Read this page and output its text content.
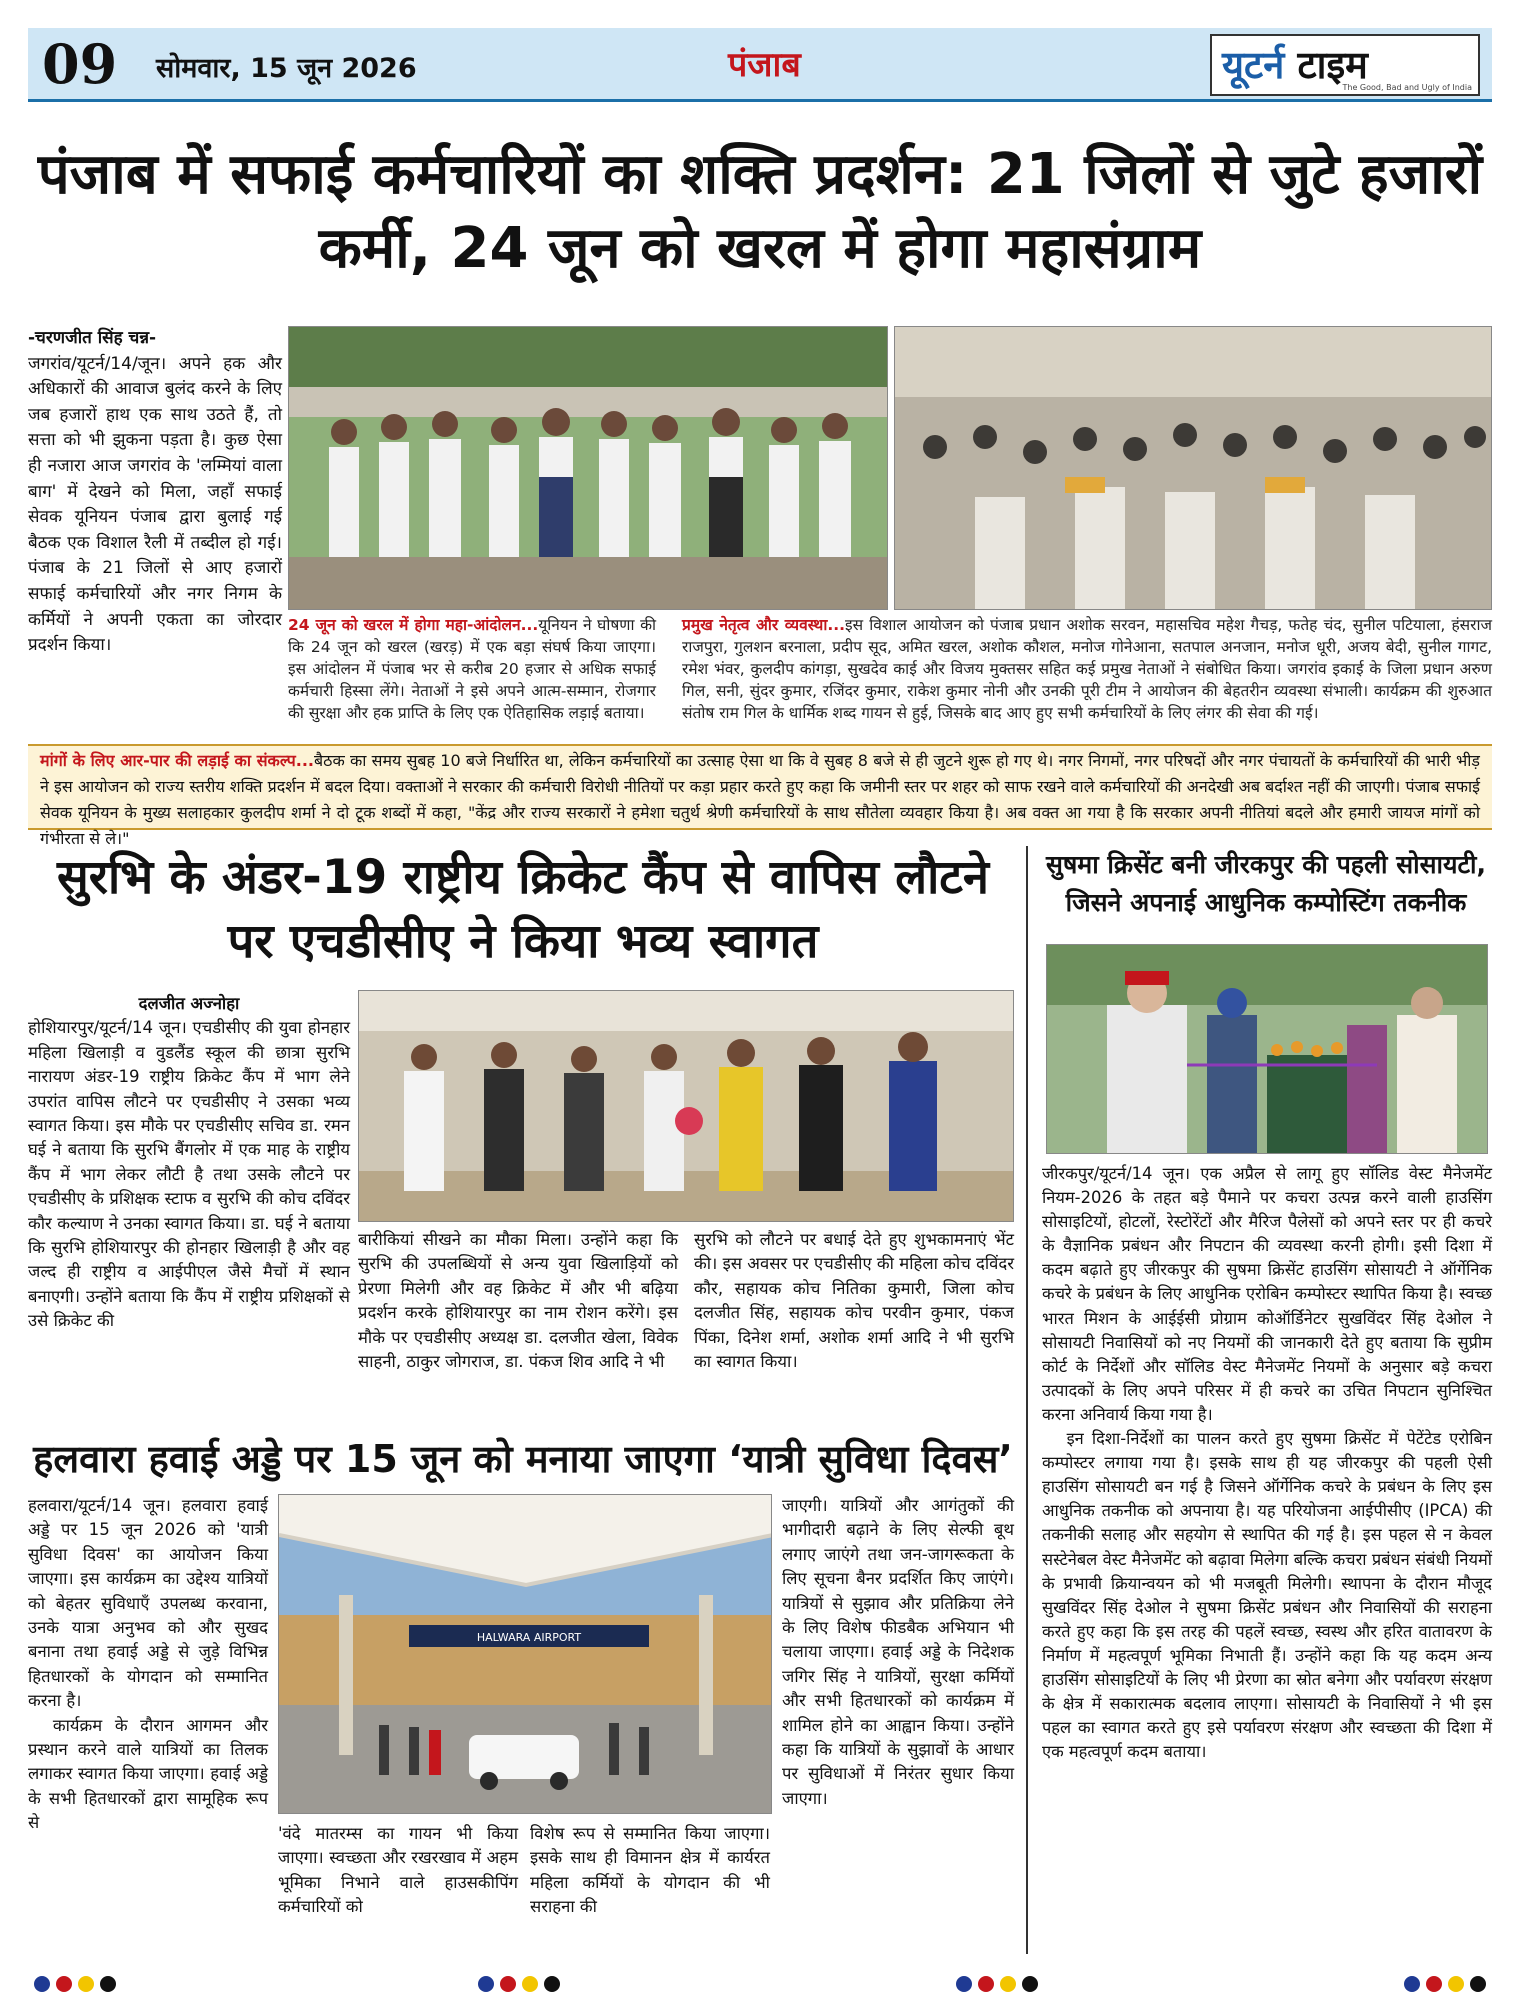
09 सोमवार, 15 जून 2026	पंजाब	यूटर्न टाइम
The Good, Bad and Ugly of India
पंजाब में सफाई कर्मचारियों का शक्ति प्रदर्शन: 21 जिलों से जुटे हजारों कर्मी, 24 जून को खरल में होगा महासंग्राम
-चरणजीत सिंह चन्न-
जगरांव/यूटर्न/14/जून। अपने हक और अधिकारों की आवाज बुलंद करने के लिए जब हजारों हाथ एक साथ उठते हैं, तो सत्ता को भी झुकना पड़ता है। कुछ ऐसा ही नजारा आज जगरांव के 'लम्मियां वाला बाग' में देखने को मिला, जहाँ सफाई सेवक यूनियन पंजाब द्वारा बुलाई गई बैठक एक विशाल रैली में तब्दील हो गई। पंजाब के 21 जिलों से आए हजारों सफाई कर्मचारियों और नगर निगम के कर्मियों ने अपनी एकता का जोरदार प्रदर्शन किया।
24 जून को खरल में होगा महा-आंदोलन...यूनियन ने घोषणा की कि 24 जून को खरल (खरड़) में एक बड़ा संघर्ष किया जाएगा। इस आंदोलन में पंजाब भर से करीब 20 हजार से अधिक सफाई कर्मचारी हिस्सा लेंगे। नेताओं ने इसे अपने आत्म-सम्मान, रोजगार की सुरक्षा और हक प्राप्ति के लिए एक ऐतिहासिक लड़ाई बताया।
प्रमुख नेतृत्व और व्यवस्था...इस विशाल आयोजन को पंजाब प्रधान अशोक सरवन, महासचिव महेश गैचड़, फतेह चंद, सुनील पटियाला, हंसराज राजपुरा, गुलशन बरनाला, प्रदीप सूद, अमित खरल, अशोक कौशल, मनोज गोनेआना, सतपाल अनजान, मनोज धूरी, अजय बेदी, सुनील गागट, रमेश भंवर, कुलदीप कांगड़ा, सुखदेव काई और विजय मुक्तसर सहित कई प्रमुख नेताओं ने संबोधित किया। जगरांव इकाई के जिला प्रधान अरुण गिल, सनी, सुंदर कुमार, रजिंदर कुमार, राकेश कुमार नोनी और उनकी पूरी टीम ने आयोजन की बेहतरीन व्यवस्था संभाली। कार्यक्रम की शुरुआत संतोष राम गिल के धार्मिक शब्द गायन से हुई, जिसके बाद आए हुए सभी कर्मचारियों के लिए लंगर की सेवा की गई।
मांगों के लिए आर-पार की लड़ाई का संकल्प...बैठक का समय सुबह 10 बजे निर्धारित था, लेकिन कर्मचारियों का उत्साह ऐसा था कि वे सुबह 8 बजे से ही जुटने शुरू हो गए थे। नगर निगमों, नगर परिषदों और नगर पंचायतों के कर्मचारियों की भारी भीड़ ने इस आयोजन को राज्य स्तरीय शक्ति प्रदर्शन में बदल दिया। वक्ताओं ने सरकार की कर्मचारी विरोधी नीतियों पर कड़ा प्रहार करते हुए कहा कि जमीनी स्तर पर शहर को साफ रखने वाले कर्मचारियों की अनदेखी अब बर्दाश्त नहीं की जाएगी। पंजाब सफाई सेवक यूनियन के मुख्य सलाहकार कुलदीप शर्मा ने दो टूक शब्दों में कहा, "केंद्र और राज्य सरकारों ने हमेशा चतुर्थ श्रेणी कर्मचारियों के साथ सौतेला व्यवहार किया है। अब वक्त आ गया है कि सरकार अपनी नीतियां बदले और हमारी जायज मांगों को गंभीरता से ले।"
सुरभि के अंडर-19 राष्ट्रीय क्रिकेट कैंप से वापिस लौटने पर एचडीसीए ने किया भव्य स्वागत
दलजीत अज्नोहा
होशियारपुर/यूटर्न/14 जून। एचडीसीए की युवा होनहार महिला खिलाड़ी व वुडलैंड स्कूल की छात्रा सुरभि नारायण अंडर-19 राष्ट्रीय क्रिकेट कैंप में भाग लेने उपरांत वापिस लौटने पर एचडीसीए ने उसका भव्य स्वागत किया। इस मौके पर एचडीसीए सचिव डा. रमन घई ने बताया कि सुरभि बैंगलोर में एक माह के राष्ट्रीय कैंप में भाग लेकर लौटी है तथा उसके लौटने पर एचडीसीए के प्रशिक्षक स्टाफ व सुरभि की कोच दविंदर कौर कल्याण ने उनका स्वागत किया। डा. घई ने बताया कि सुरभि होशियारपुर की होनहार खिलाड़ी है और वह जल्द ही राष्ट्रीय व आईपीएल जैसे मैचों में स्थान बनाएगी। उन्होंने बताया कि कैंप में राष्ट्रीय प्रशिक्षकों से उसे क्रिकेट की
बारीकियां सीखने का मौका मिला। उन्होंने कहा कि सुरभि की उपलब्धियों से अन्य युवा खिलाड़ियों को प्रेरणा मिलेगी और वह क्रिकेट में और भी बढ़िया प्रदर्शन करके होशियारपुर का नाम रोशन करेंगे। इस मौके पर एचडीसीए अध्यक्ष डा. दलजीत खेला, विवेक साहनी, ठाकुर जोगराज, डा. पंकज शिव आदि ने भी
सुरभि को लौटने पर बधाई देते हुए शुभकामनाएं भेंट की। इस अवसर पर एचडीसीए की महिला कोच दविंदर कौर, सहायक कोच नितिका कुमारी, जिला कोच दलजीत सिंह, सहायक कोच परवीन कुमार, पंकज पिंका, दिनेश शर्मा, अशोक शर्मा आदि ने भी सुरभि का स्वागत किया।
हलवारा हवाई अड्डे पर 15 जून को मनाया जाएगा ‘यात्री सुविधा दिवस’
हलवारा/यूटर्न/14 जून। हलवारा हवाई अड्डे पर 15 जून 2026 को 'यात्री सुविधा दिवस' का आयोजन किया जाएगा। इस कार्यक्रम का उद्देश्य यात्रियों को बेहतर सुविधाएँ उपलब्ध करवाना, उनके यात्रा अनुभव को और सुखद बनाना तथा हवाई अड्डे से जुड़े विभिन्न हितधारकों के योगदान को सम्मानित करना है।
कार्यक्रम के दौरान आगमन और प्रस्थान करने वाले यात्रियों का तिलक लगाकर स्वागत किया जाएगा। हवाई अड्डे के सभी हितधारकों द्वारा सामूहिक रूप से
HALWARA AIRPORT
'वंदे मातरम्स का गायन भी किया जाएगा। स्वच्छता और रखरखाव में अहम भूमिका निभाने वाले हाउसकीपिंग कर्मचारियों को
विशेष रूप से सम्मानित किया जाएगा। इसके साथ ही विमानन क्षेत्र में कार्यरत महिला कर्मियों के योगदान की भी सराहना की
जाएगी। यात्रियों और आगंतुकों की भागीदारी बढ़ाने के लिए सेल्फी बूथ लगाए जाएंगे तथा जन-जागरूकता के लिए सूचना बैनर प्रदर्शित किए जाएंगे। यात्रियों से सुझाव और प्रतिक्रिया लेने के लिए विशेष फीडबैक अभियान भी चलाया जाएगा। हवाई अड्डे के निदेशक जगिर सिंह ने यात्रियों, सुरक्षा कर्मियों और सभी हितधारकों को कार्यक्रम में शामिल होने का आह्वान किया। उन्होंने कहा कि यात्रियों के सुझावों के आधार पर सुविधाओं में निरंतर सुधार किया जाएगा।
सुषमा क्रिसेंट बनी जीरकपुर की पहली सोसायटी, जिसने अपनाई आधुनिक कम्पोस्टिंग तकनीक
जीरकपुर/यूटर्न/14 जून। एक अप्रैल से लागू हुए सॉलिड वेस्ट मैनेजमेंट नियम-2026 के तहत बड़े पैमाने पर कचरा उत्पन्न करने वाली हाउसिंग सोसाइटियों, होटलों, रेस्टोरेंटों और मैरिज पैलेसों को अपने स्तर पर ही कचरे के वैज्ञानिक प्रबंधन और निपटान की व्यवस्था करनी होगी। इसी दिशा में कदम बढ़ाते हुए जीरकपुर की सुषमा क्रिसेंट हाउसिंग सोसायटी ने ऑर्गेनिक कचरे के प्रबंधन के लिए आधुनिक एरोबिन कम्पोस्टर स्थापित किया है। स्वच्छ भारत मिशन के आईईसी प्रोग्राम कोऑर्डिनेटर सुखविंदर सिंह देओल ने सोसायटी निवासियों को नए नियमों की जानकारी देते हुए बताया कि सुप्रीम कोर्ट के निर्देशों और सॉलिड वेस्ट मैनेजमेंट नियमों के अनुसार बड़े कचरा उत्पादकों के लिए अपने परिसर में ही कचरे का उचित निपटान सुनिश्चित करना अनिवार्य किया गया है।
इन दिशा-निर्देशों का पालन करते हुए सुषमा क्रिसेंट में पेटेंटेड एरोबिन कम्पोस्टर लगाया गया है। इसके साथ ही यह जीरकपुर की पहली ऐसी हाउसिंग सोसायटी बन गई है जिसने ऑर्गेनिक कचरे के प्रबंधन के लिए इस आधुनिक तकनीक को अपनाया है। यह परियोजना आईपीसीए (IPCA) की तकनीकी सलाह और सहयोग से स्थापित की गई है। इस पहल से न केवल सस्टेनेबल वेस्ट मैनेजमेंट को बढ़ावा मिलेगा बल्कि कचरा प्रबंधन संबंधी नियमों के प्रभावी क्रियान्वयन को भी मजबूती मिलेगी। स्थापना के दौरान मौजूद सुखविंदर सिंह देओल ने सुषमा क्रिसेंट प्रबंधन और निवासियों की सराहना करते हुए कहा कि इस तरह की पहलें स्वच्छ, स्वस्थ और हरित वातावरण के निर्माण में महत्वपूर्ण भूमिका निभाती हैं। उन्होंने कहा कि यह कदम अन्य हाउसिंग सोसाइटियों के लिए भी प्रेरणा का स्रोत बनेगा और पर्यावरण संरक्षण के क्षेत्र में सकारात्मक बदलाव लाएगा। सोसायटी के निवासियों ने भी इस पहल का स्वागत करते हुए इसे पर्यावरण संरक्षण और स्वच्छता की दिशा में एक महत्वपूर्ण कदम बताया।
